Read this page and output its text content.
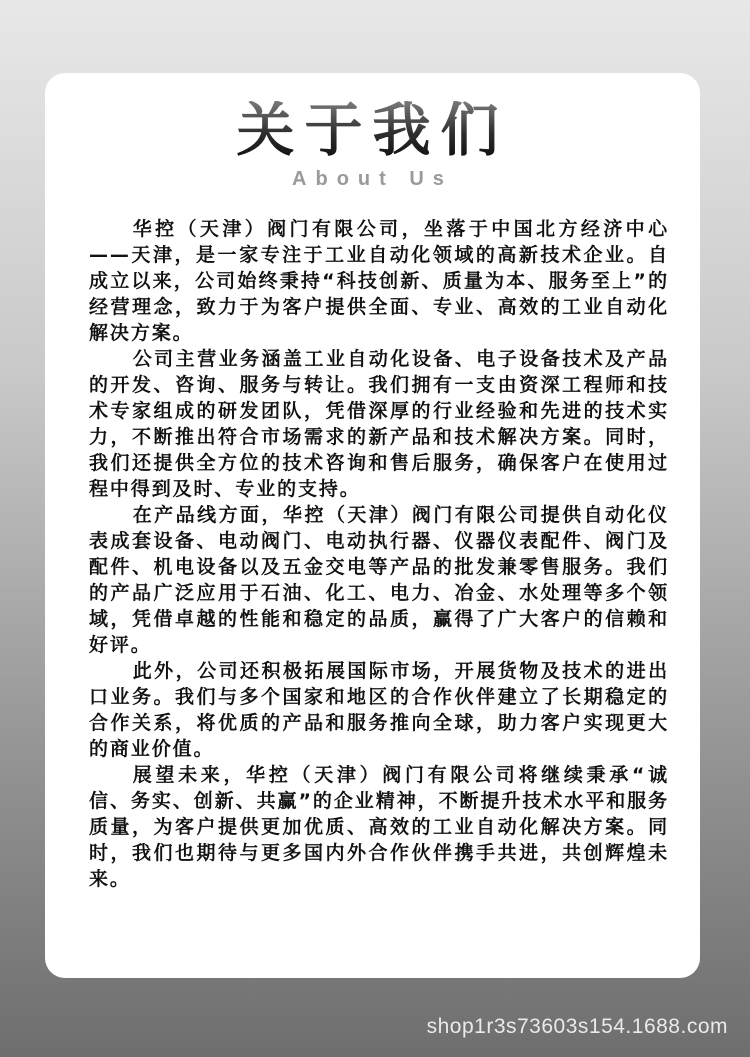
关于我们
About Us

华控（天津）阀门有限公司，坐落于中国北方经济中心——天津，是一家专注于工业自动化领域的高新技术企业。自成立以来，公司始终秉持“科技创新、质量为本、服务至上”的经营理念，致力于为客户提供全面、专业、高效的工业自动化解决方案。

公司主营业务涵盖工业自动化设备、电子设备技术及产品的开发、咨询、服务与转让。我们拥有一支由资深工程师和技术专家组成的研发团队，凭借深厚的行业经验和先进的技术实力，不断推出符合市场需求的新产品和技术解决方案。同时，我们还提供全方位的技术咨询和售后服务，确保客户在使用过程中得到及时、专业的支持。

在产品线方面，华控（天津）阀门有限公司提供自动化仪表成套设备、电动阀门、电动执行器、仪器仪表配件、阀门及配件、机电设备以及五金交电等产品的批发兼零售服务。我们的产品广泛应用于石油、化工、电力、冶金、水处理等多个领域，凭借卓越的性能和稳定的品质，赢得了广大客户的信赖和好评。

此外，公司还积极拓展国际市场，开展货物及技术的进出口业务。我们与多个国家和地区的合作伙伴建立了长期稳定的合作关系，将优质的产品和服务推向全球，助力客户实现更大的商业价值。

展望未来，华控（天津）阀门有限公司将继续秉承“诚信、务实、创新、共赢”的企业精神，不断提升技术水平和服务质量，为客户提供更加优质、高效的工业自动化解决方案。同时，我们也期待与更多国内外合作伙伴携手共进，共创辉煌未来。

shop1r3s73603s154.1688.com
